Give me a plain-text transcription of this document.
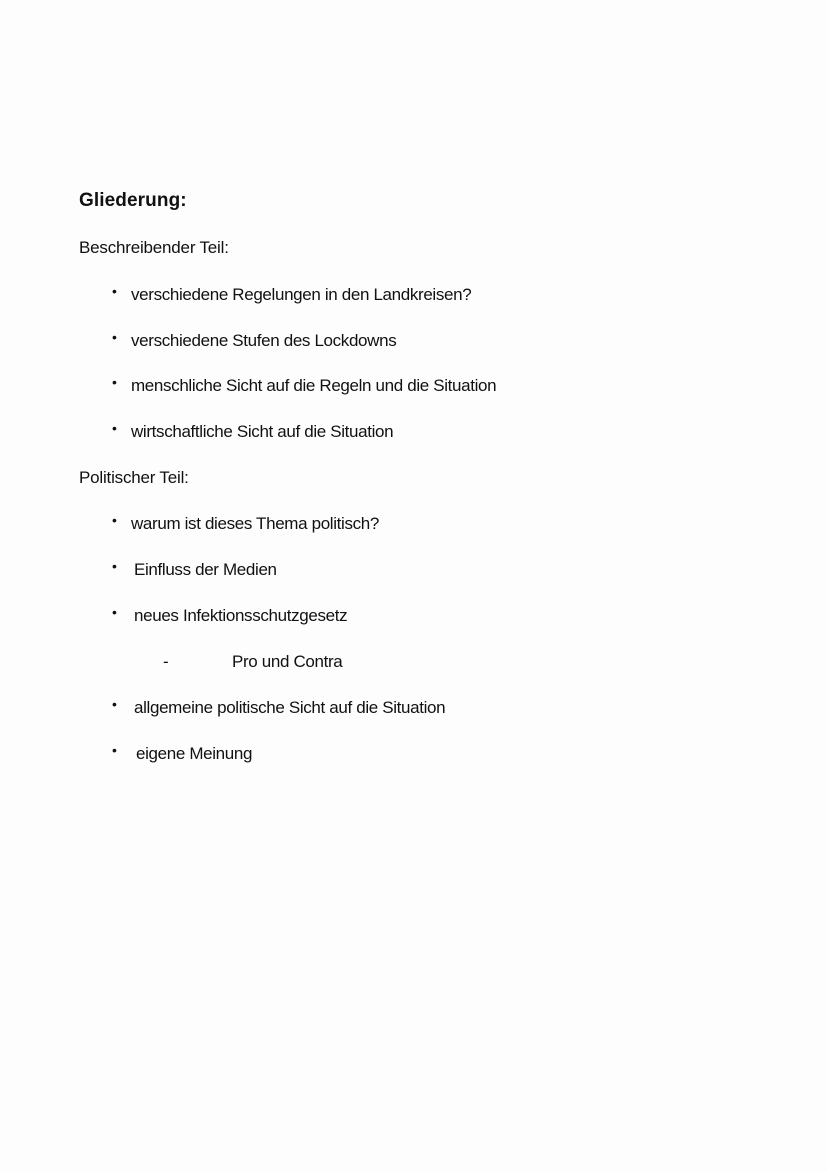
Gliederung:
Beschreibender Teil:
• verschiedene Regelungen in den Landkreisen?
• verschiedene Stufen des Lockdowns
• menschliche Sicht auf die Regeln und die Situation
• wirtschaftliche Sicht auf die Situation
Politischer Teil:
• warum ist dieses Thema politisch?
• Einfluss der Medien
• neues Infektionsschutzgesetz
-	Pro und Contra
• allgemeine politische Sicht auf die Situation
• eigene Meinung
